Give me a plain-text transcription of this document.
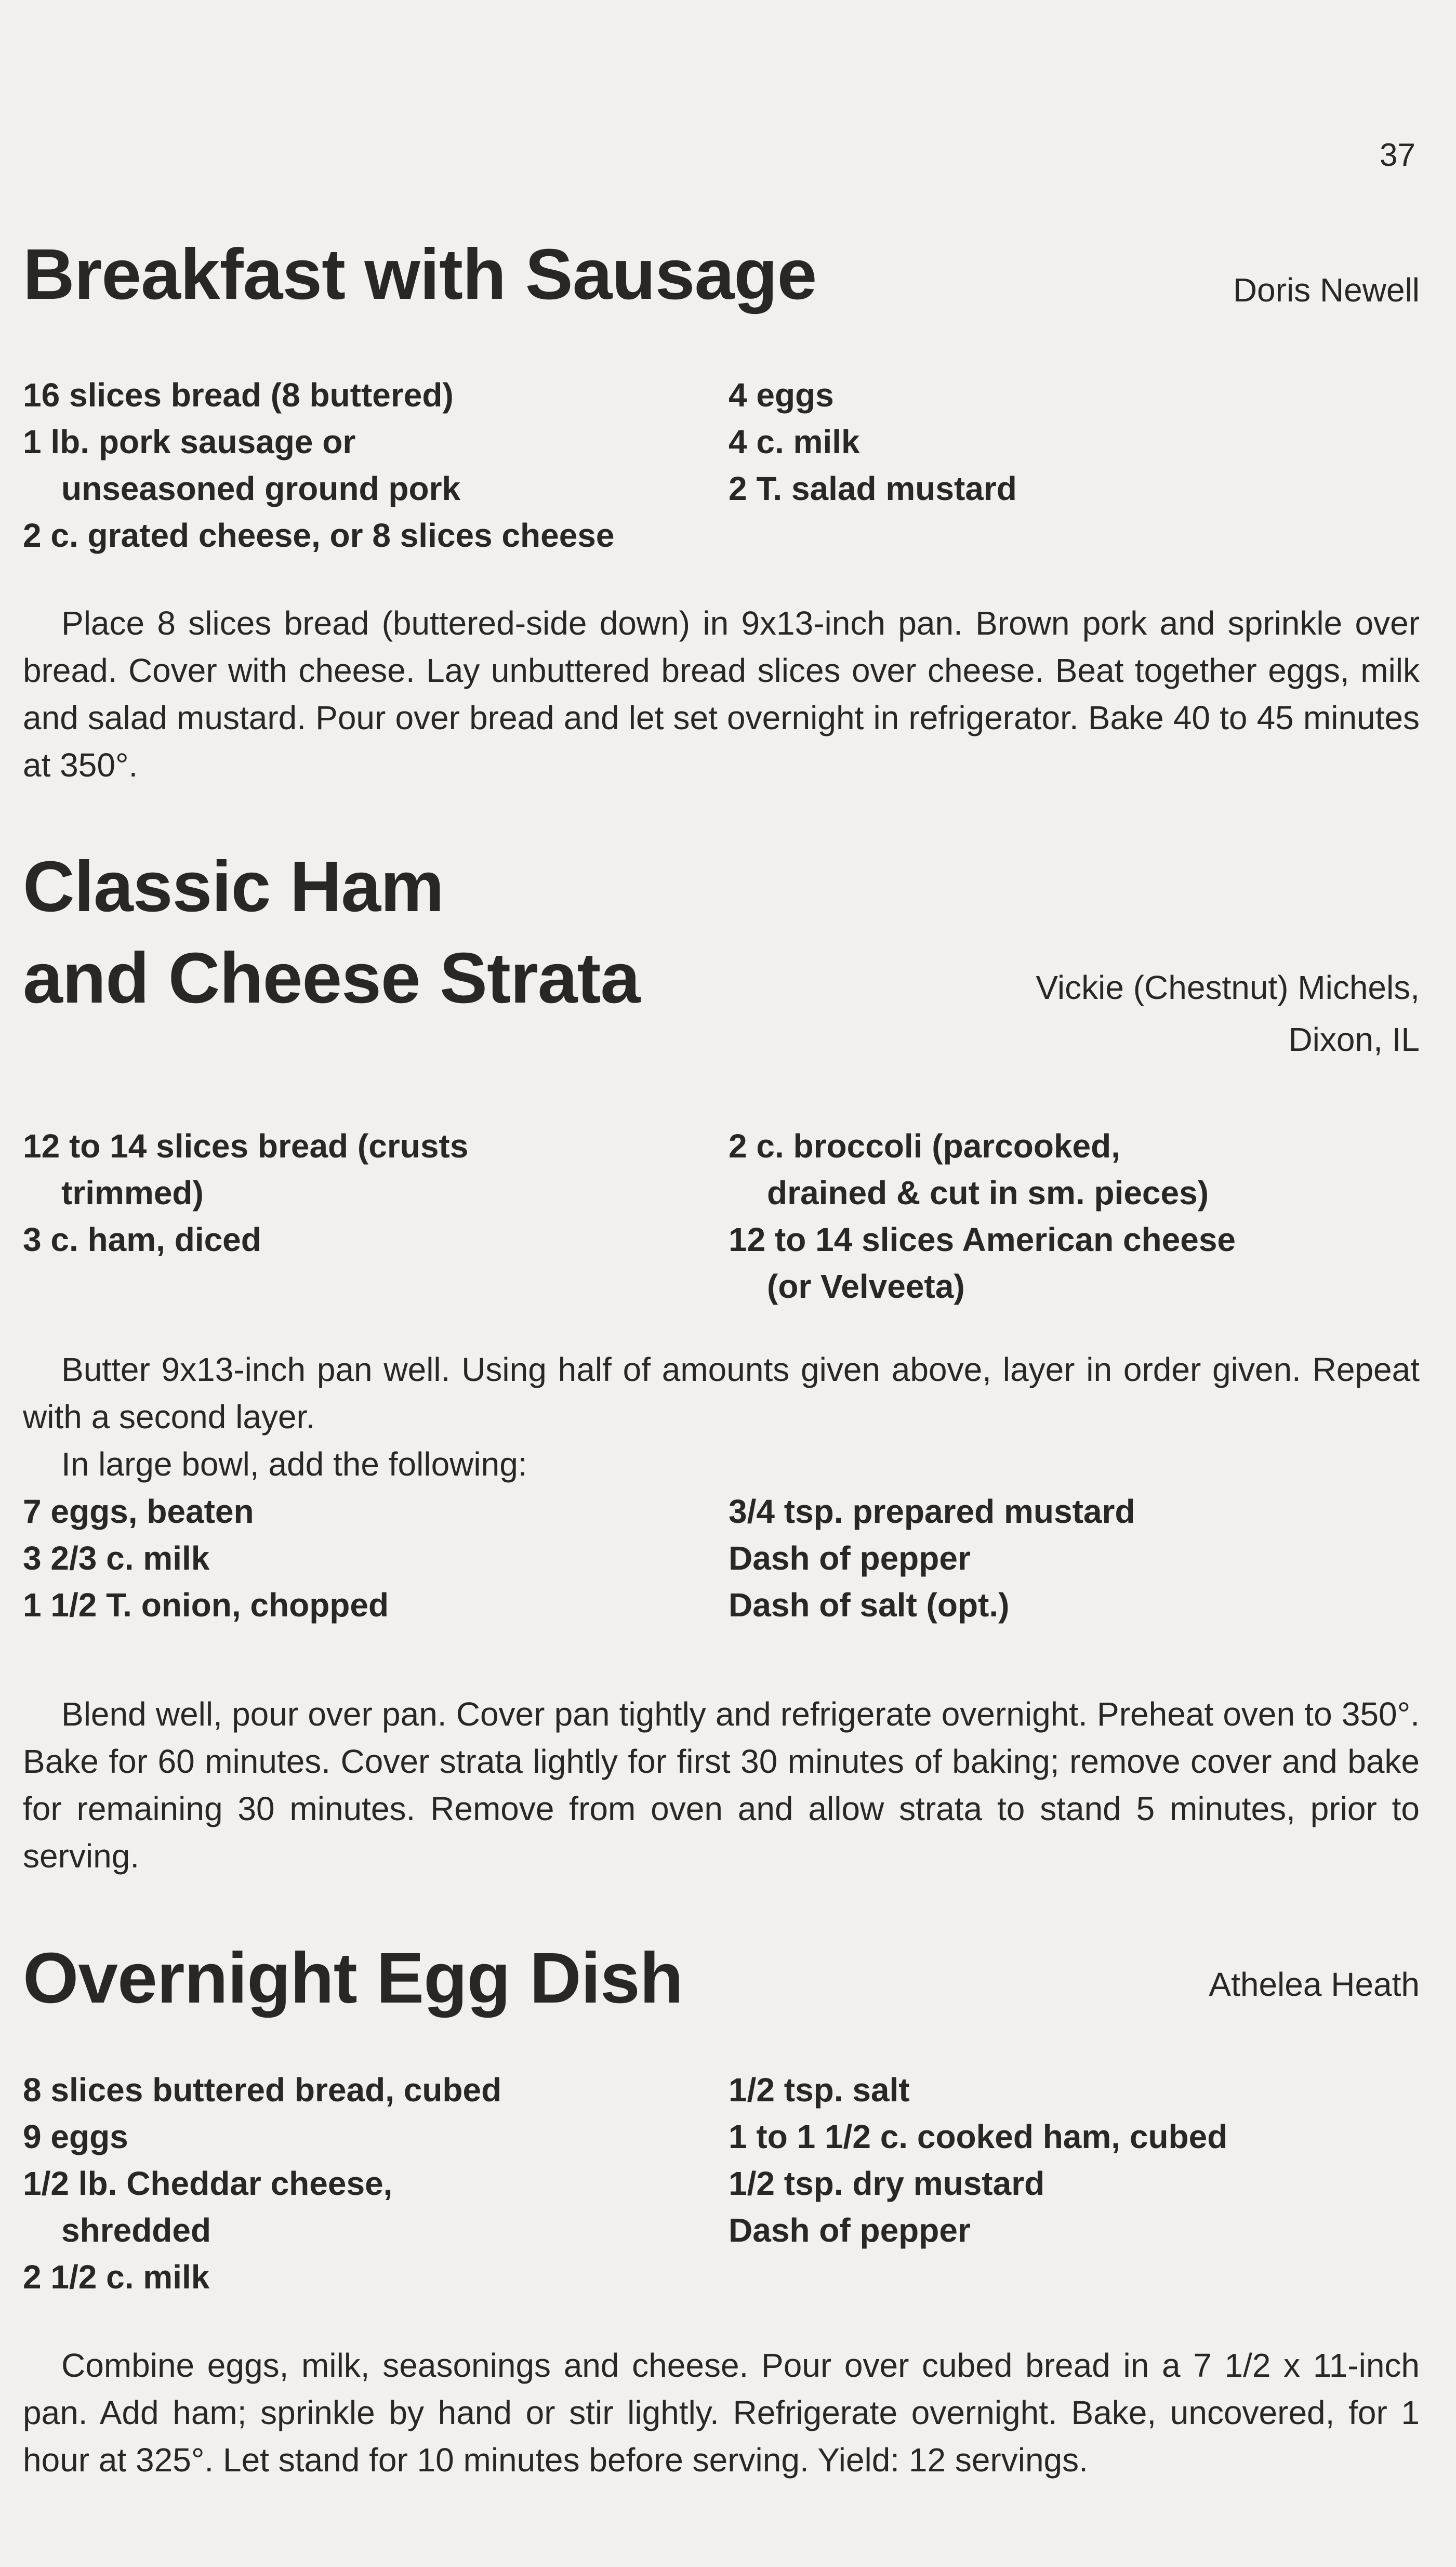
37
Breakfast with Sausage	Doris Newell
16 slices bread (8 buttered)
1 lb. pork sausage or
unseasoned ground pork
2 c. grated cheese, or 8 slices cheese
4 eggs
4 c. milk
2 T. salad mustard

Place 8 slices bread (buttered-side down) in 9x13-inch pan. Brown pork and sprinkle over bread. Cover with cheese. Lay unbuttered bread slices over cheese. Beat together eggs, milk and salad mustard. Pour over bread and let set overnight in refrigerator. Bake 40 to 45 minutes at 350°.

Classic Ham
and Cheese Strata	Vickie (Chestnut) Michels,
Dixon, IL
12 to 14 slices bread (crusts
trimmed)
3 c. ham, diced
2 c. broccoli (parcooked,
drained & cut in sm. pieces)
12 to 14 slices American cheese
(or Velveeta)

Butter 9x13-inch pan well. Using half of amounts given above, layer in order given. Repeat with a second layer.

In large bowl, add the following:

7 eggs, beaten
3 2/3 c. milk
1 1/2 T. onion, chopped
3/4 tsp. prepared mustard
Dash of pepper
Dash of salt (opt.)

Blend well, pour over pan. Cover pan tightly and refrigerate overnight. Preheat oven to 350°. Bake for 60 minutes. Cover strata lightly for first 30 minutes of baking; remove cover and bake for remaining 30 minutes. Remove from oven and allow strata to stand 5 minutes, prior to serving.

Overnight Egg Dish	Athelea Heath
8 slices buttered bread, cubed
9 eggs
1/2 lb. Cheddar cheese,
shredded
2 1/2 c. milk
1/2 tsp. salt
1 to 1 1/2 c. cooked ham, cubed
1/2 tsp. dry mustard
Dash of pepper

Combine eggs, milk, seasonings and cheese. Pour over cubed bread in a 7 1/2 x 11-inch pan. Add ham; sprinkle by hand or stir lightly. Refrigerate overnight. Bake, uncovered, for 1 hour at 325°. Let stand for 10 minutes before serving. Yield: 12 servings.
